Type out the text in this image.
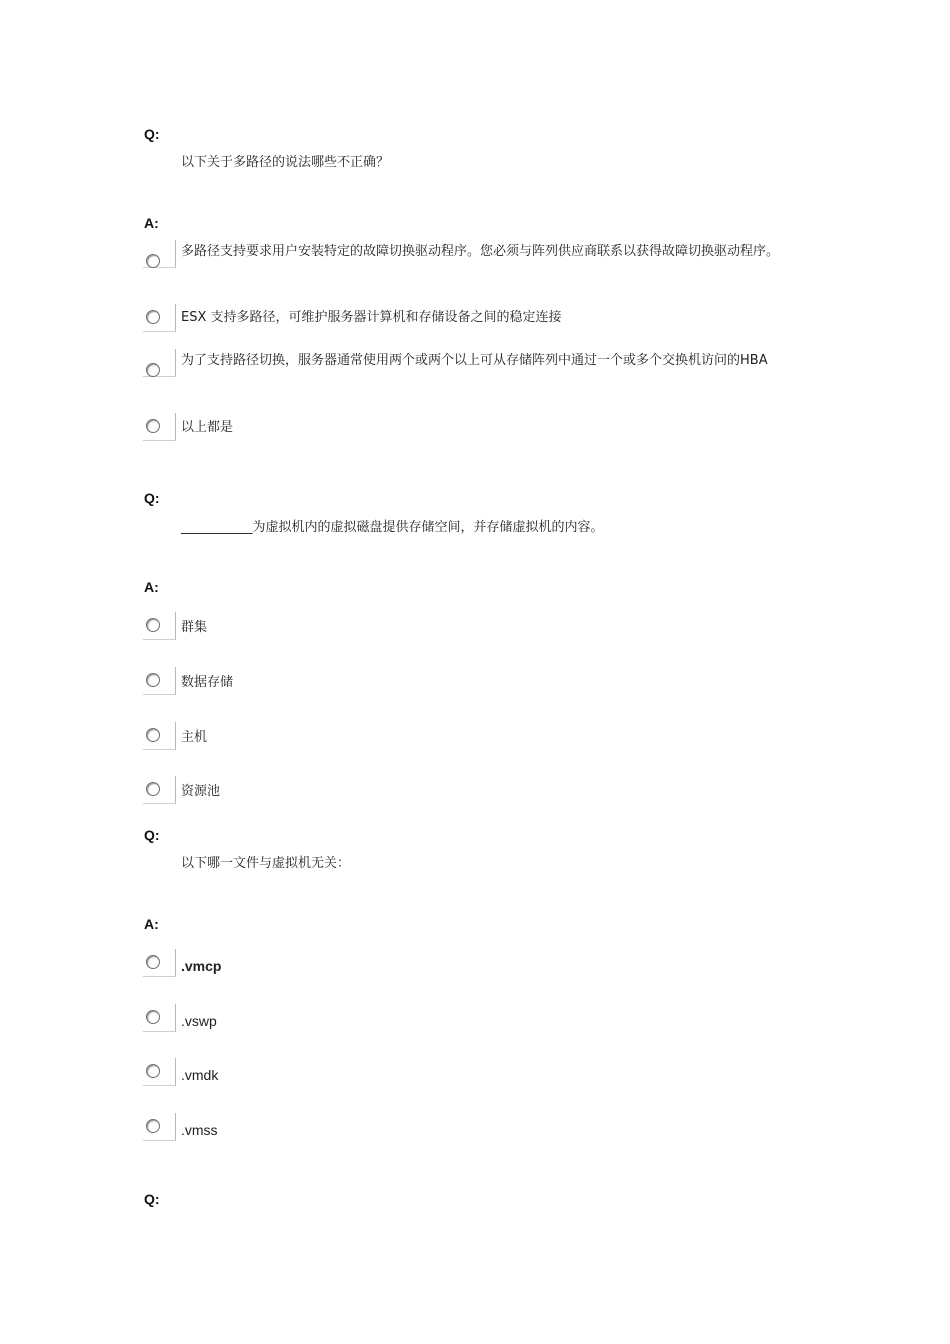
Q:
以下关于多路径的说法哪些不正确？
A:
多路径支持要求用户安装特定的故障切换驱动程序。您必须与阵列供应商联系以获得故障切换驱动程序。
ESX 支持多路径，可维护服务器计算机和存储设备之间的稳定连接
为了支持路径切换，服务器通常使用两个或两个以上可从存储阵列中通过一个或多个交换机访问的HBA
以上都是
Q:
___________为虚拟机内的虚拟磁盘提供存储空间，并存储虚拟机的内容。
A:
群集
数据存储
主机
资源池
Q:
以下哪一文件与虚拟机无关：
A:
.vmcp
.vswp
.vmdk
.vmss
Q:
